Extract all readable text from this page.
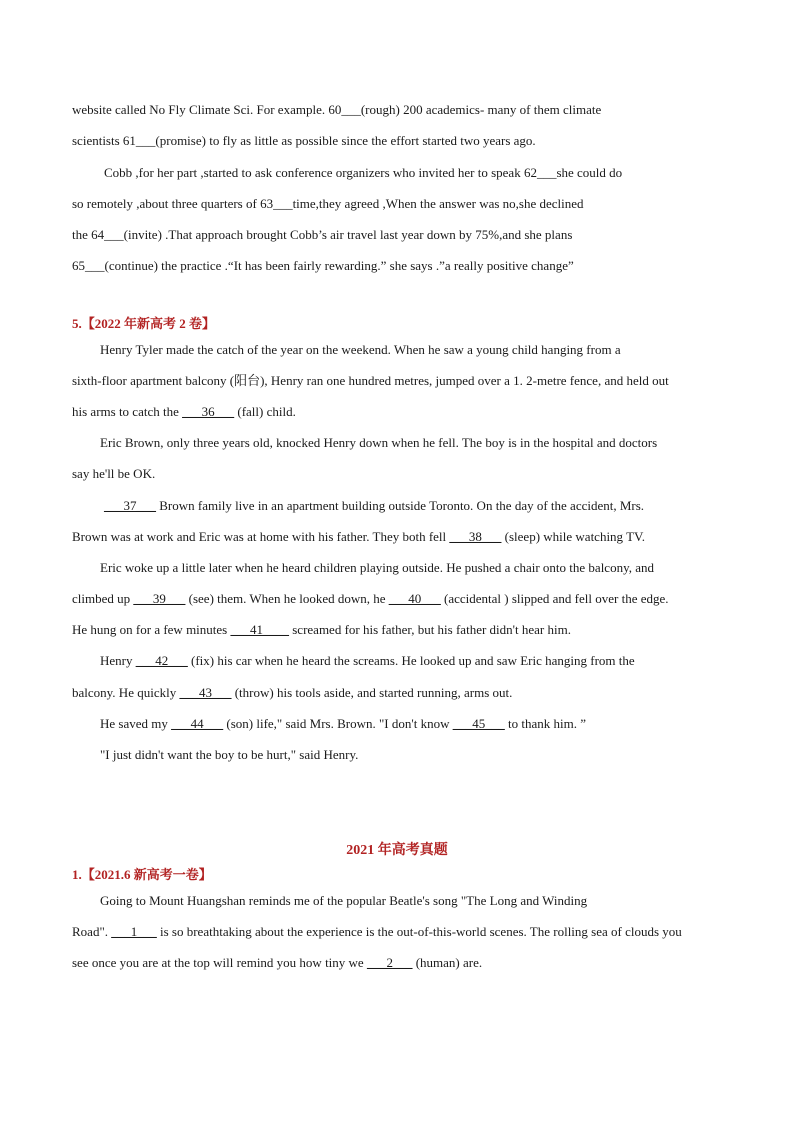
website called No Fly Climate Sci. For example. 60___(rough) 200 academics- many of them climate
scientists 61___(promise) to fly as little as possible since the effort started two years ago.
Cobb ,for her part ,started to ask conference organizers who invited her to speak 62___she could do
so remotely ,about three quarters of 63___time,they agreed ,When the answer was no,she declined
the 64___(invite) .That approach brought Cobb’s air travel last year down by 75%,and she plans
65___(continue) the practice .“It has been fairly rewarding.” she says .”a really positive change”
5.【2022 年新高考 2 卷】
Henry Tyler made the catch of the year on the weekend. When he saw a young child hanging from a
sixth-floor apartment balcony (阳台), Henry ran one hundred metres, jumped over a 1. 2-metre fence, and held out
his arms to catch the ___36___ (fall) child.
Eric Brown, only three years old, knocked Henry down when he fell. The boy is in the hospital and doctors
say he'll be OK.
___37___ Brown family live in an apartment building outside Toronto. On the day of the accident, Mrs.
Brown was at work and Eric was at home with his father. They both fell ___38___ (sleep) while watching TV.
Eric woke up a little later when he heard children playing outside. He pushed a chair onto the balcony, and
climbed up ___39___ (see) them. When he looked down, he ___40___ (accidental ) slipped and fell over the edge.
He hung on for a few minutes ___41____ screamed for his father, but his father didn't hear him.
Henry ___42___ (fix) his car when he heard the screams. He looked up and saw Eric hanging from the
balcony. He quickly ___43___ (throw) his tools aside, and started running, arms out.
He saved my ___44___ (son) life," said Mrs. Brown. "I don't know ___45___ to thank him. ”
"I just didn't want the boy to be hurt," said Henry.
2021 年高考真题
1.【2021.6 新高考一卷】
Going to Mount Huangshan reminds me of the popular Beatle's song "The Long and Winding
Road". ___1___ is so breathtaking about the experience is the out-of-this-world scenes. The rolling sea of clouds you
see once you are at the top will remind you how tiny we ___2___ (human) are.
